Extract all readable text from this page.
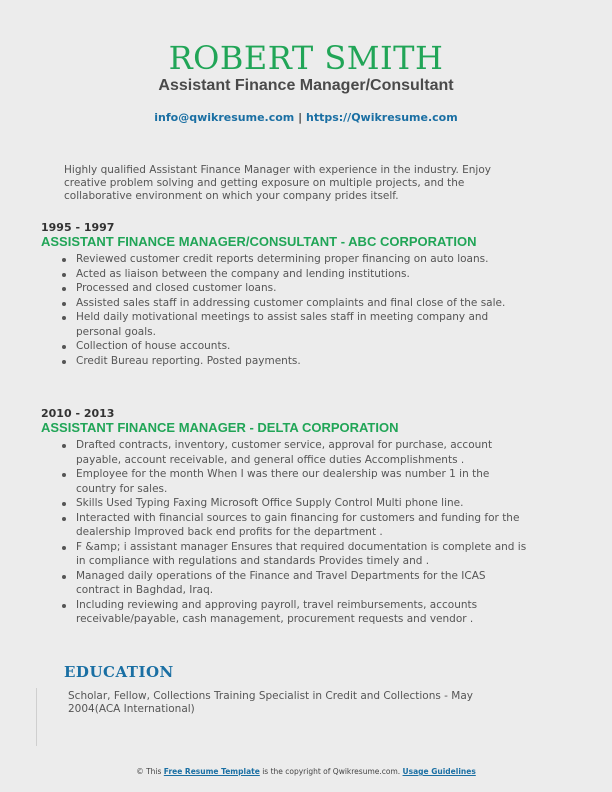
ROBERT SMITH
Assistant Finance Manager/Consultant
info@qwikresume.com | https://Qwikresume.com
Highly qualified Assistant Finance Manager with experience in the industry. Enjoy creative problem solving and getting exposure on multiple projects, and the collaborative environment on which your company prides itself.
1995 - 1997
ASSISTANT FINANCE MANAGER/CONSULTANT - ABC CORPORATION
Reviewed customer credit reports determining proper financing on auto loans.
Acted as liaison between the company and lending institutions.
Processed and closed customer loans.
Assisted sales staff in addressing customer complaints and final close of the sale.
Held daily motivational meetings to assist sales staff in meeting company and personal goals.
Collection of house accounts.
Credit Bureau reporting. Posted payments.
2010 - 2013
ASSISTANT FINANCE MANAGER - DELTA CORPORATION
Drafted contracts, inventory, customer service, approval for purchase, account payable, account receivable, and general office duties Accomplishments .
Employee for the month When I was there our dealership was number 1 in the country for sales.
Skills Used Typing Faxing Microsoft Office Supply Control Multi phone line.
Interacted with financial sources to gain financing for customers and funding for the dealership Improved back end profits for the department .
F &amp; i assistant manager Ensures that required documentation is complete and is in compliance with regulations and standards Provides timely and .
Managed daily operations of the Finance and Travel Departments for the ICAS contract in Baghdad, Iraq.
Including reviewing and approving payroll, travel reimbursements, accounts receivable/payable, cash management, procurement requests and vendor .
EDUCATION
Scholar, Fellow, Collections Training Specialist in Credit and Collections - May 2004(ACA International)
© This Free Resume Template is the copyright of Qwikresume.com. Usage Guidelines
